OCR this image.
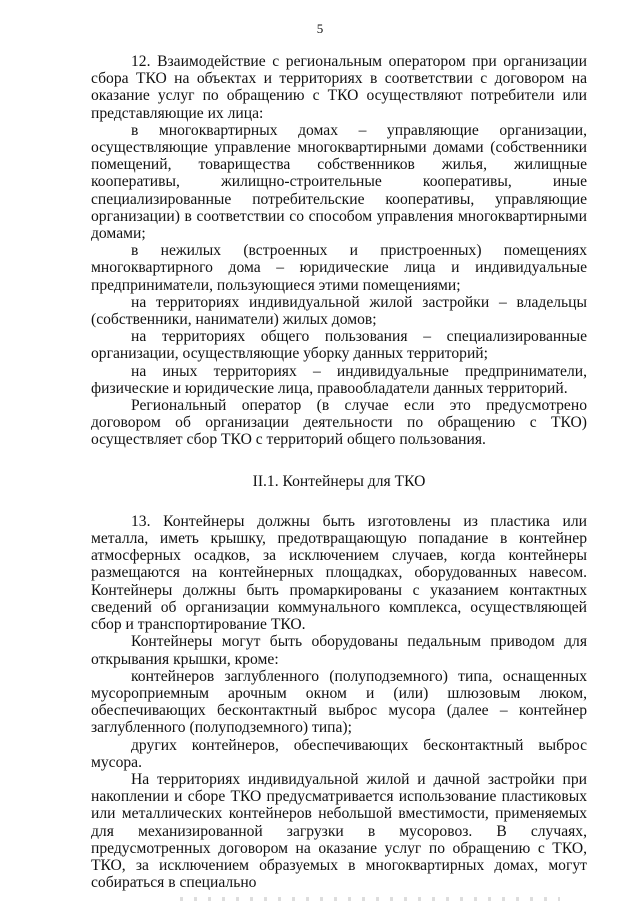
5

12. Взаимодействие с региональным оператором при организации сбора ТКО на объектах и территориях в соответствии с договором на оказание услуг по обращению с ТКО осуществляют потребители или представляющие их лица:

в многоквартирных домах – управляющие организации, осуществляющие управление многоквартирными домами (собственники помещений, товарищества собственников жилья, жилищные кооперативы, жилищно-строительные кооперативы, иные специализированные потребительские кооперативы, управляющие организации) в соответствии со способом управления многоквартирными домами;

в нежилых (встроенных и пристроенных) помещениях многоквартирного дома – юридические лица и индивидуальные предприниматели, пользующиеся этими помещениями;

на территориях индивидуальной жилой застройки – владельцы (собственники, наниматели) жилых домов;

на территориях общего пользования – специализированные организации, осуществляющие уборку данных территорий;

на иных территориях – индивидуальные предприниматели, физические и юридические лица, правообладатели данных территорий.

Региональный оператор (в случае если это предусмотрено договором об организации деятельности по обращению с ТКО) осуществляет сбор ТКО с территорий общего пользования.

II.1. Контейнеры для ТКО

13. Контейнеры должны быть изготовлены из пластика или металла, иметь крышку, предотвращающую попадание в контейнер атмосферных осадков, за исключением случаев, когда контейнеры размещаются на контейнерных площадках, оборудованных навесом. Контейнеры должны быть промаркированы с указанием контактных сведений об организации коммунального комплекса, осуществляющей сбор и транспортирование ТКО.

Контейнеры могут быть оборудованы педальным приводом для открывания крышки, кроме:

контейнеров заглубленного (полуподземного) типа, оснащенных мусороприемным арочным окном и (или) шлюзовым люком, обеспечивающих бесконтактный выброс мусора (далее – контейнер заглубленного (полуподземного) типа);

других контейнеров, обеспечивающих бесконтактный выброс мусора.

На территориях индивидуальной жилой и дачной застройки при накоплении и сборе ТКО предусматривается использование пластиковых или металлических контейнеров небольшой вместимости, применяемых для механизированной загрузки в мусоровоз. В случаях, предусмотренных договором на оказание услуг по обращению с ТКО, ТКО, за исключением образуемых в многоквартирных домах, могут собираться в специально
